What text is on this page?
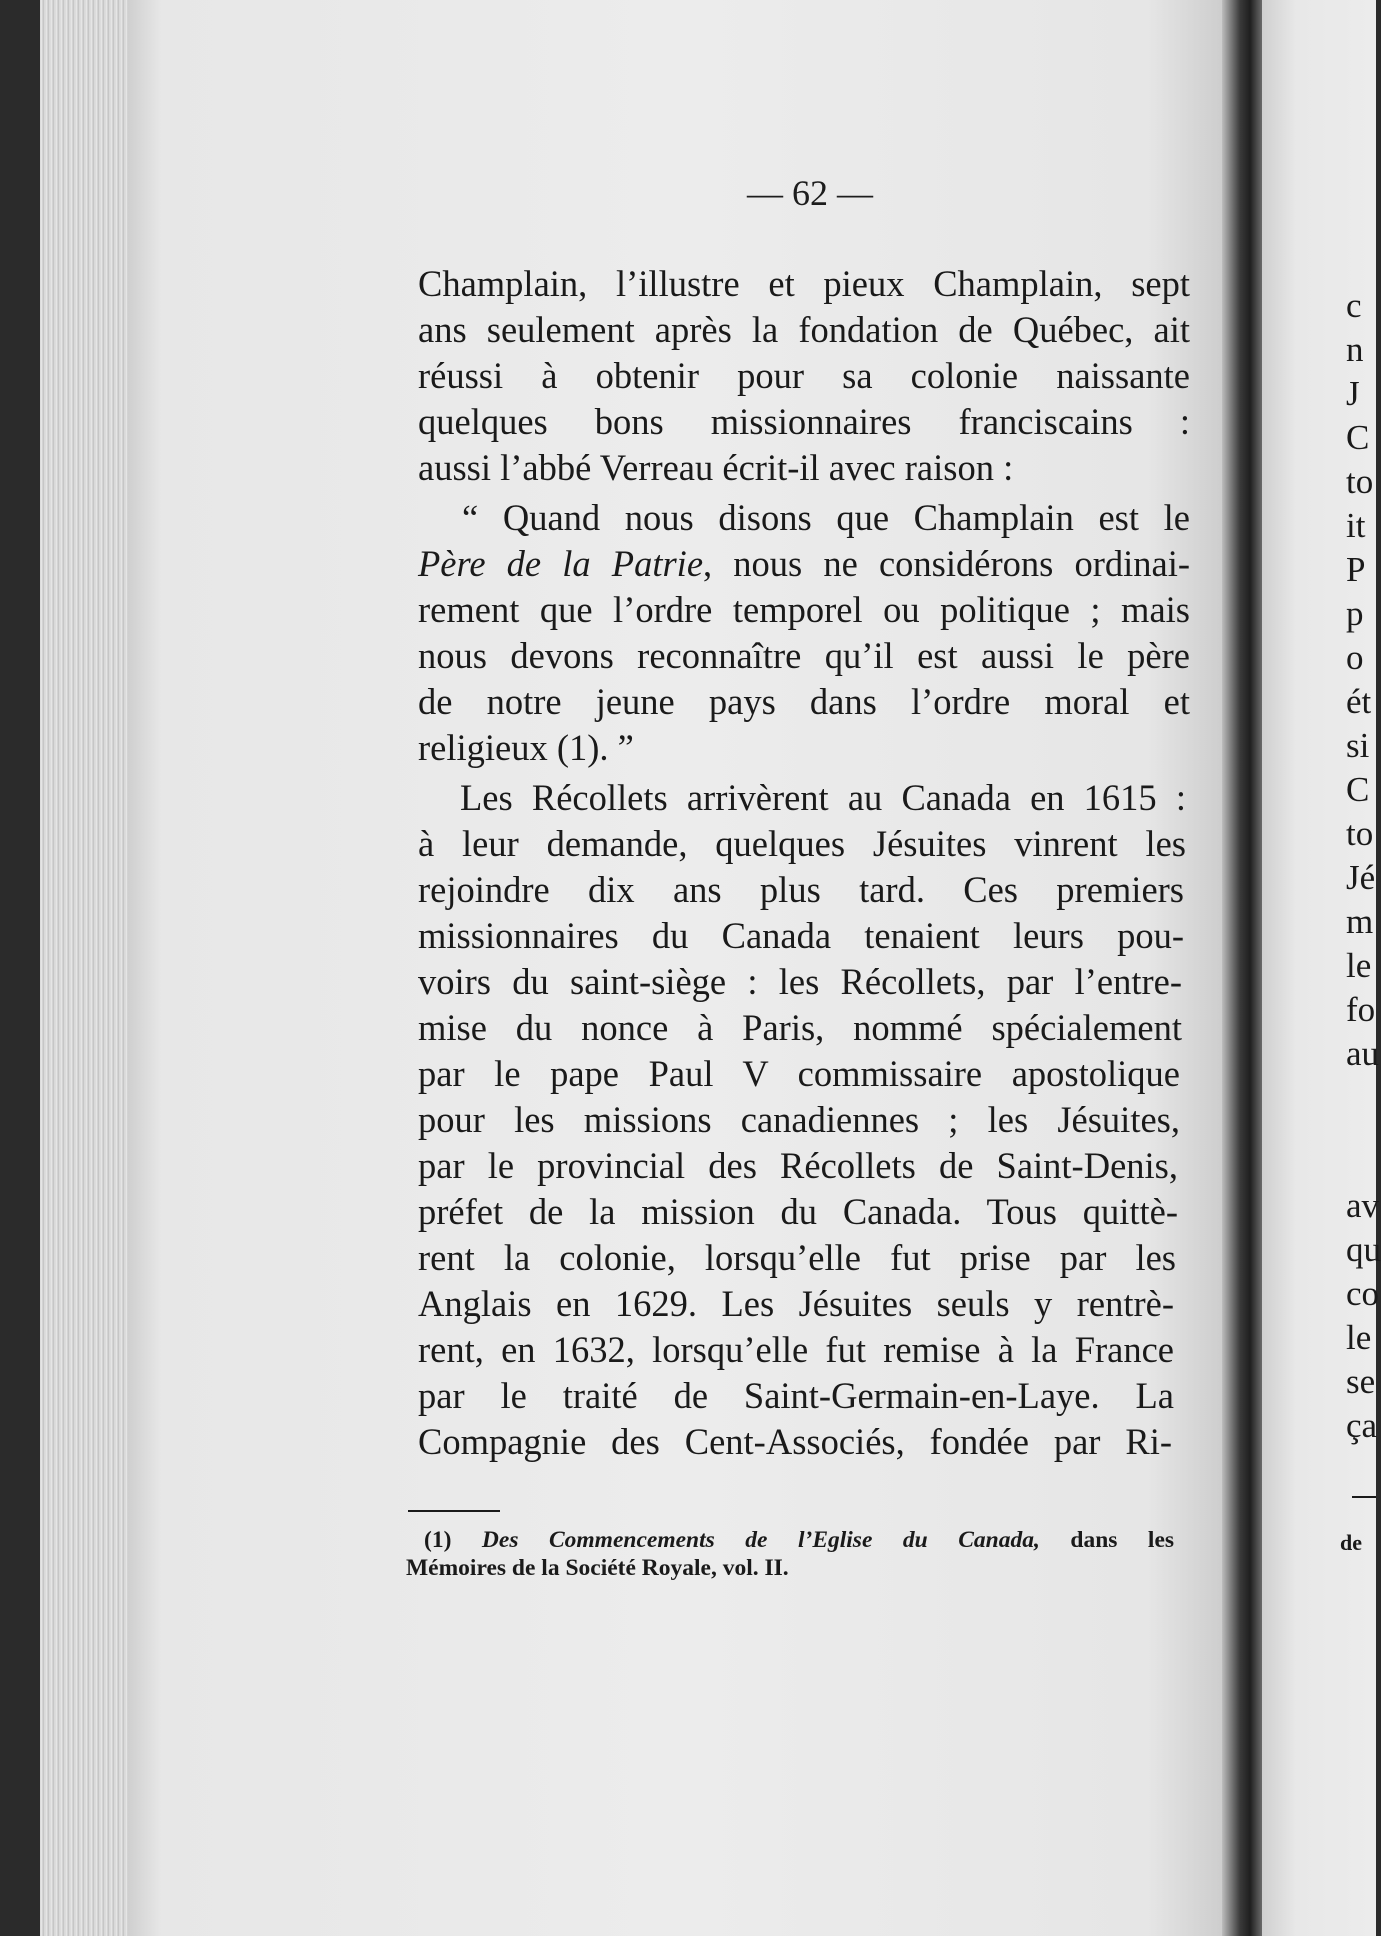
— 62 —
Champlain, l’illustre et pieux Champlain, sept
ans seulement après la fondation de Québec, ait
réussi à obtenir pour sa colonie naissante
quelques bons missionnaires franciscains :
aussi l’abbé Verreau écrit-il avec raison :
“ Quand nous disons que Champlain est le
Père de la Patrie, nous ne considérons ordinai-
rement que l’ordre temporel ou politique ; mais
nous devons reconnaître qu’il est aussi le père
de notre jeune pays dans l’ordre moral et
religieux (1). ”
Les Récollets arrivèrent au Canada en 1615 :
à leur demande, quelques Jésuites vinrent les
rejoindre dix ans plus tard. Ces premiers
missionnaires du Canada tenaient leurs pou-
voirs du saint-siège : les Récollets, par l’entre-
mise du nonce à Paris, nommé spécialement
par le pape Paul V commissaire apostolique
pour les missions canadiennes ; les Jésuites,
par le provincial des Récollets de Saint-Denis,
préfet de la mission du Canada. Tous quittè-
rent la colonie, lorsqu’elle fut prise par les
Anglais en 1629. Les Jésuites seuls y rentrè-
rent, en 1632, lorsqu’elle fut remise à la France
par le traité de Saint-Germain-en-Laye. La
Compagnie des Cent-Associés, fondée par Ri-
(1) Des Commencements de l’Eglise du Canada, dans les
Mémoires de la Société Royale, vol. II.
c
n
J
C
to
it
P
p
o
ét
si
C
to
Jé
m
le
fo
au
av
qu
co
le
se
ça
de
